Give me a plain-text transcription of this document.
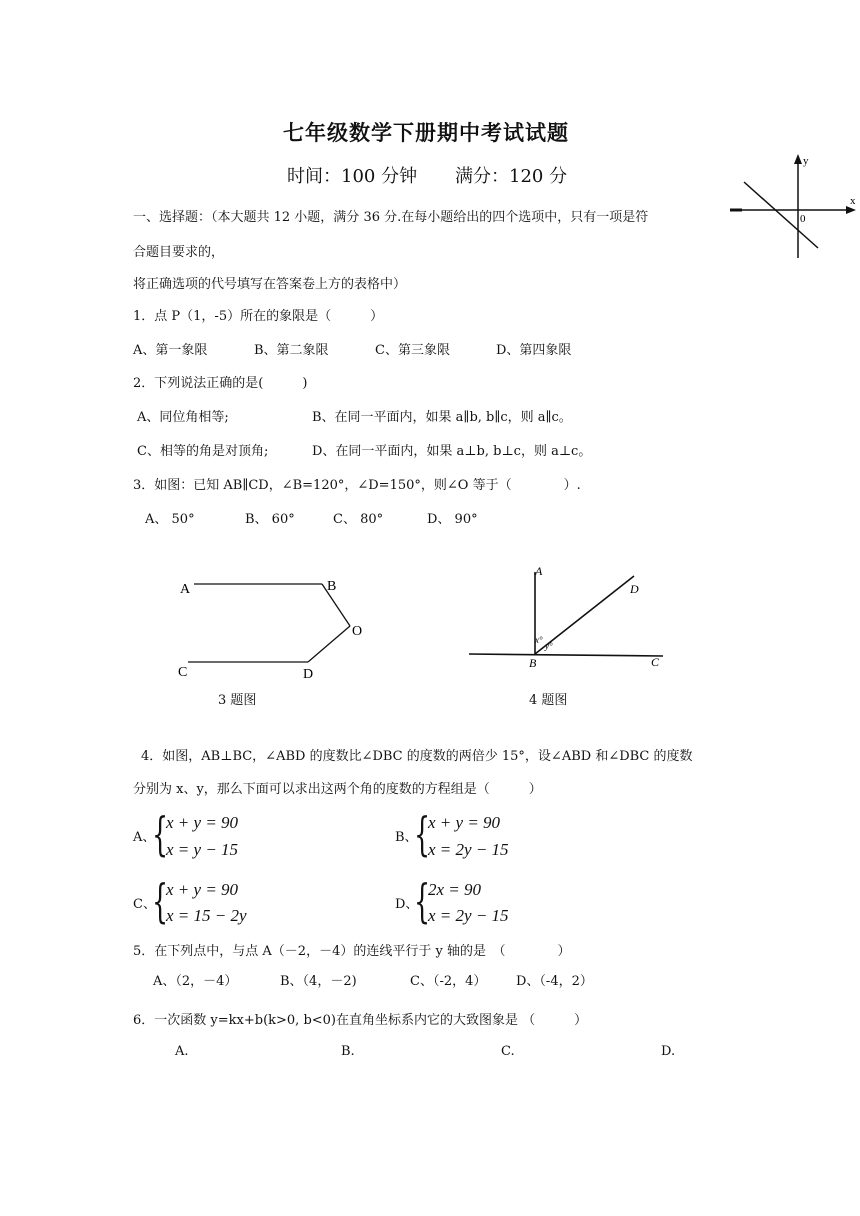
七年级数学下册期中考试试题
时间：100 分钟 满分：120 分
y
x
0
一、选择题：（本大题共 12 小题，满分 36 分.在每小题给出的四个选项中，只有一项是符
合题目要求的，
将正确选项的代号填写在答案卷上方的表格中）
1．点 P（1，-5）所在的象限是（　　　）
A、第一象限	B、第二象限	C、第三象限	D、第四象限
2．下列说法正确的是(　　　)
A、同位角相等;	B、在同一平面内，如果 a∥b, b∥c，则 a∥c。
C、相等的角是对顶角;	D、在同一平面内，如果 a⊥b, b⊥c，则 a⊥c。
3．如图：已知 AB∥CD，∠B=120°，∠D=150°，则∠O 等于（　　　　）.
A、 50°	B、 60°	C、 80°	D、 90°
A	B
O
C	D
3 题图
A
D
B	C
x°
y°
4 题图
4．如图，AB⊥BC，∠ABD 的度数比∠DBC 的度数的两倍少 15°，设∠ABD 和∠DBC 的度数
分别为 x、y，那么下面可以求出这两个角的度数的方程组是（　　　）
A、
{
x + y = 90
x = y − 15
B、
{
x + y = 90
x = 2y − 15
C、
{
x + y = 90
x = 15 − 2y
D、
{
2x = 90
x = 2y − 15
5．在下列点中，与点 A（－2，－4）的连线平行于 y 轴的是　（　　　　）
A、（2，－4）	B、（4，－2)	C、（-2，4） D、（-4，2）
6．一次函数 y=kx+b(k>0, b<0)在直角坐标系内它的大致图象是 （　　　）
A.	B.	C.	D.
